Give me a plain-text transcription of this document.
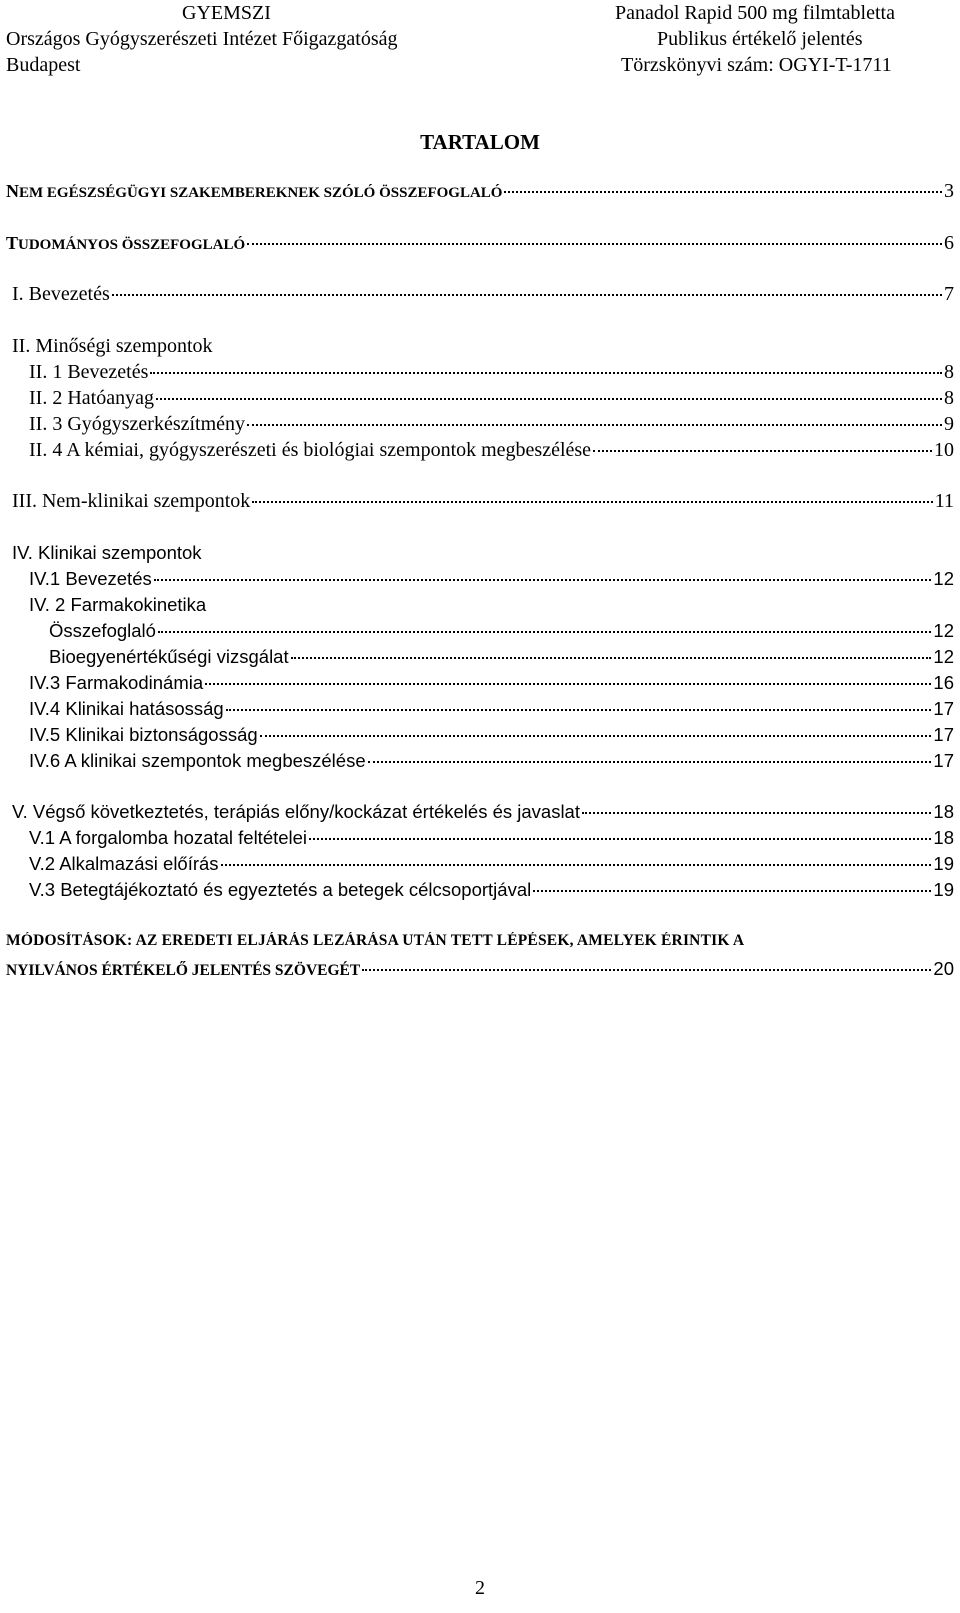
GYEMSZI
Országos Gyógyszerészeti Intézet Főigazgatóság
Budapest
Panadol Rapid 500 mg filmtabletta
Publikus értékelő jelentés
Törzskönyvi szám: OGYI-T-1711
TARTALOM
NEM EGÉSZSÉGÜGYI SZAKEMBEREKNEK SZÓLÓ ÖSSZEFOGLALÓ	3
TUDOMÁNYOS ÖSSZEFOGLALÓ	6
I. Bevezetés	7
II. Minőségi szempontok
II. 1 Bevezetés	8
II. 2 Hatóanyag	8
II. 3 Gyógyszerkészítmény	9
II. 4 A kémiai, gyógyszerészeti és biológiai szempontok megbeszélése	10
III. Nem-klinikai szempontok	11
IV. Klinikai szempontok
IV.1 Bevezetés	12
IV. 2 Farmakokinetika
Összefoglaló	12
Bioegyenértékűségi vizsgálat	12
IV.3 Farmakodinámia	16
IV.4 Klinikai hatásosság	17
IV.5 Klinikai biztonságosság	17
IV.6 A klinikai szempontok megbeszélése	17
V. Végső következtetés, terápiás előny/kockázat értékelés és javaslat	18
V.1 A forgalomba hozatal feltételei	18
V.2 Alkalmazási előírás	19
V.3 Betegtájékoztató és egyeztetés a betegek célcsoportjával	19
MÓDOSÍTÁSOK: AZ EREDETI ELJÁRÁS LEZÁRÁSA UTÁN TETT LÉPÉSEK, AMELYEK ÉRINTIK A
NYILVÁNOS ÉRTÉKELŐ JELENTÉS SZÖVEGÉT	20
2
